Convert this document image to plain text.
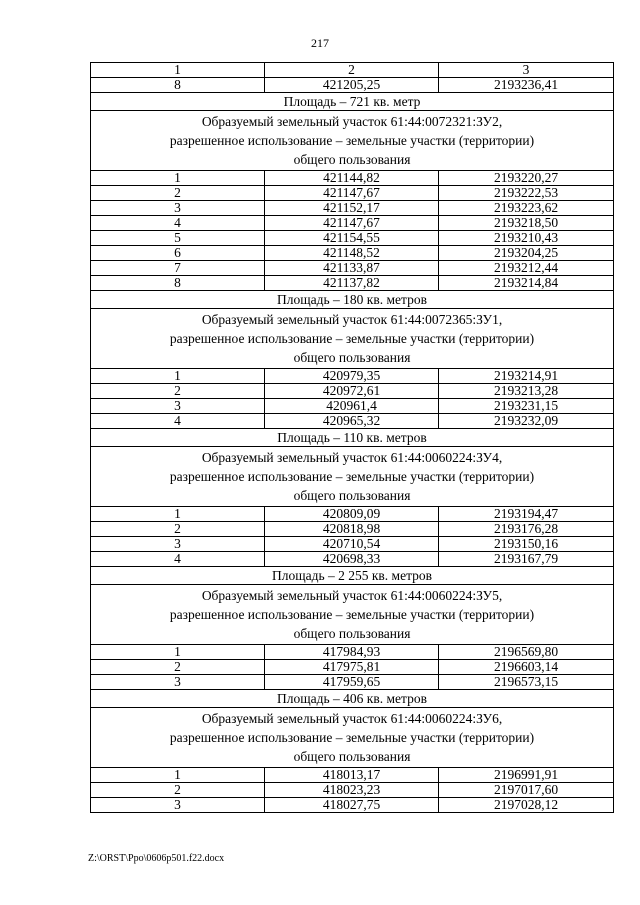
217
1	2	3
8	421205,25	2193236,41
Площадь – 721 кв. метр		

Образуемый земельный участок 61:44:0072321:ЗУ2,
разрешенное использование – земельные участки (территории)
общего пользования		

1	421144,82	2193220,27
2	421147,67	2193222,53
3	421152,17	2193223,62
4	421147,67	2193218,50
5	421154,55	2193210,43
6	421148,52	2193204,25
7	421133,87	2193212,44
8	421137,82	2193214,84
Площадь – 180 кв. метров		

Образуемый земельный участок 61:44:0072365:ЗУ1,
разрешенное использование – земельные участки (территории)
общего пользования		

1	420979,35	2193214,91
2	420972,61	2193213,28
3	420961,4	2193231,15
4	420965,32	2193232,09
Площадь – 110 кв. метров		

Образуемый земельный участок 61:44:0060224:ЗУ4,
разрешенное использование – земельные участки (территории)
общего пользования		

1	420809,09	2193194,47
2	420818,98	2193176,28
3	420710,54	2193150,16
4	420698,33	2193167,79
Площадь – 2 255 кв. метров		

Образуемый земельный участок 61:44:0060224:ЗУ5,
разрешенное использование – земельные участки (территории)
общего пользования		

1	417984,93	2196569,80
2	417975,81	2196603,14
3	417959,65	2196573,15
Площадь – 406 кв. метров		

Образуемый земельный участок 61:44:0060224:ЗУ6,
разрешенное использование – земельные участки (территории)
общего пользования		

1	418013,17	2196991,91
2	418023,23	2197017,60
3	418027,75	2197028,12
Z:\ORST\Ppo\0606p501.f22.docx
